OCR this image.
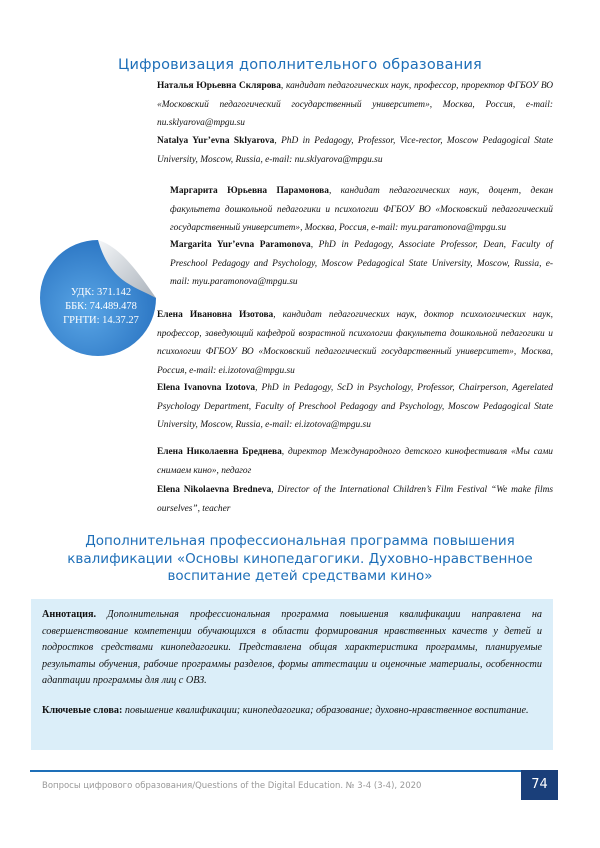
Цифровизация дополнительного образования
Наталья Юрьевна Склярова, кандидат педагогических наук, профессор, проректор ФГБОУ ВО «Московский педагогический государственный университет», Москва, Россия, e-mail: nu.sklyarova@mpgu.su
Natalya Yur’evna Sklyarova, PhD in Pedagogy, Professor, Vice-rector, Moscow Pedagogical State University, Moscow, Russia, e-mail: nu.sklyarova@mpgu.su
Маргарита Юрьевна Парамонова, кандидат педагогических наук, доцент, декан факультета дошкольной педагогики и психологии ФГБОУ ВО «Московский педагогический государственный университет», Москва, Россия, e-mail: myu.paramonova@mpgu.su
Margarita Yur’evna Paramonova, PhD in Pedagogy, Associate Professor, Dean, Faculty of Preschool Pedagogy and Psychology, Moscow Pedagogical State University, Moscow, Russia, e-mail: myu.paramonova@mpgu.su
УДК: 371.142
ББК: 74.489.478
ГРНТИ: 14.37.27	Елена Ивановна Изотова, кандидат педагогических наук, доктор психологических наук, профессор, заведующий кафедрой возрастной психологии факультета дошкольной педагогики и психологии ФГБОУ ВО «Московский педагогический государственный университет», Москва, Россия, e-mail: ei.izotova@mpgu.su
Elena Ivanovna Izotova, PhD in Pedagogy, ScD in Psychology, Professor, Chairperson, Agerelated Psychology Department, Faculty of Preschool Pedagogy and Psychology, Moscow Pedagogical State University, Moscow, Russia, e-mail: ei.izotova@mpgu.su
Елена Николаевна Бреднева, директор Международного детского кинофестиваля «Мы сами снимаем кино», педагог
Elena Nikolaevna Bredneva, Director of the International Children’s Film Festival “We make films ourselves”, teacher
Дополнительная профессиональная программа повышения квалификации «Основы кинопедагогики. Духовно-нравственное воспитание детей средствами кино»

Аннотация. Дополнительная профессиональная программа повышения квалификации направлена на совершенствование компетенции обучающихся в области формирования нравственных качеств у детей и подростков средствами кинопедагогики. Представлена общая характеристика программы, планируемые результаты обучения, рабочие программы разделов, формы аттестации и оценочные материалы, особенности адаптации программы для лиц с ОВЗ.

Ключевые слова: повышение квалификации; кинопедагогика; образование; духовно-нравственное воспитание.

Вопросы цифрового образования/Questions of the Digital Education. № 3-4 (3-4), 2020	74
